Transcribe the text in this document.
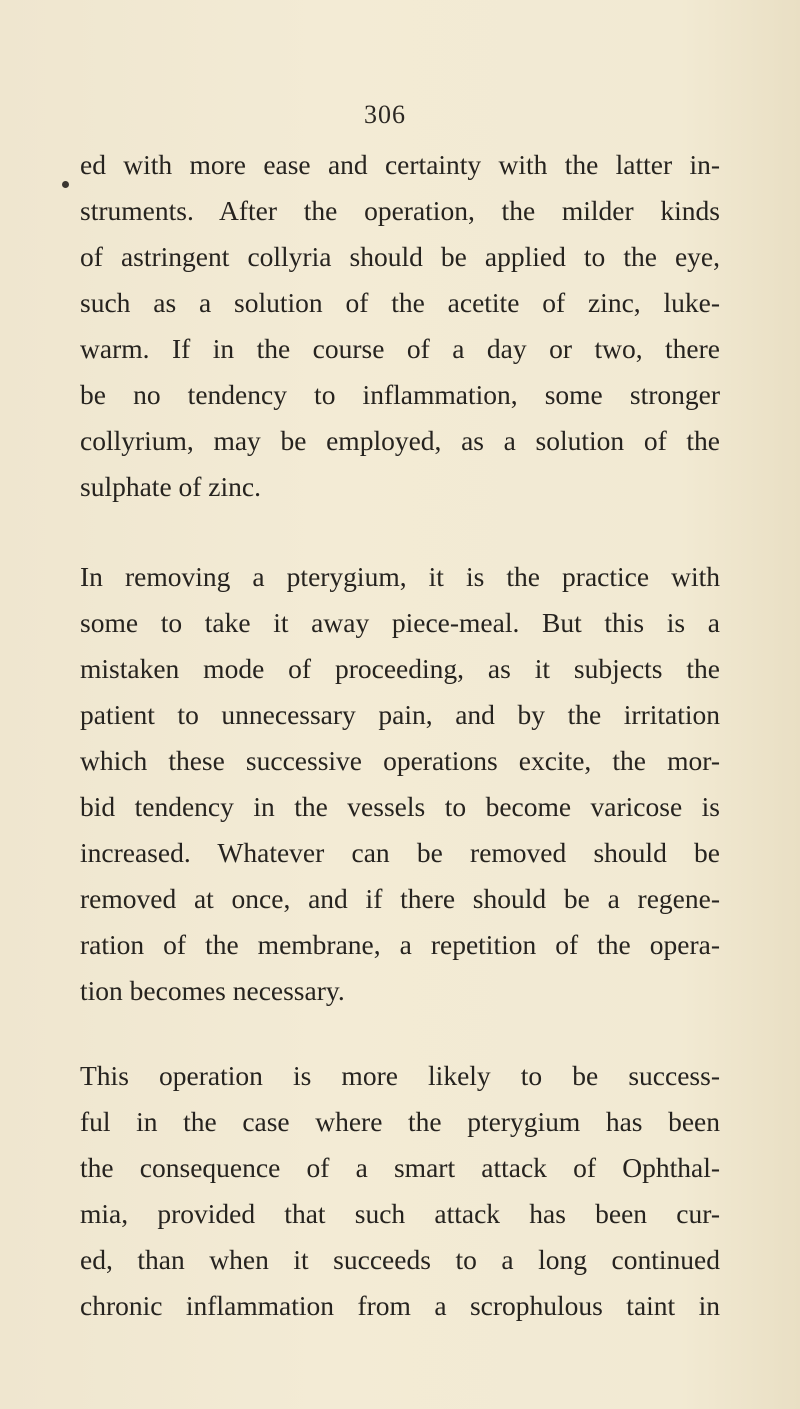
306
ed with more ease and certainty with the latter in-
struments. After the operation, the milder kinds
of astringent collyria should be applied to the eye,
such as a solution of the acetite of zinc, luke-
warm. If in the course of a day or two, there
be no tendency to inflammation, some stronger
collyrium, may be employed, as a solution of the
sulphate of zinc.
In removing a pterygium, it is the practice with
some to take it away piece-meal. But this is a
mistaken mode of proceeding, as it subjects the
patient to unnecessary pain, and by the irritation
which these successive operations excite, the mor-
bid tendency in the vessels to become varicose is
increased. Whatever can be removed should be
removed at once, and if there should be a regene-
ration of the membrane, a repetition of the opera-
tion becomes necessary.
This operation is more likely to be success-
ful in the case where the pterygium has been
the consequence of a smart attack of Ophthal-
mia, provided that such attack has been cur-
ed, than when it succeeds to a long continued
chronic inflammation from a scrophulous taint in
